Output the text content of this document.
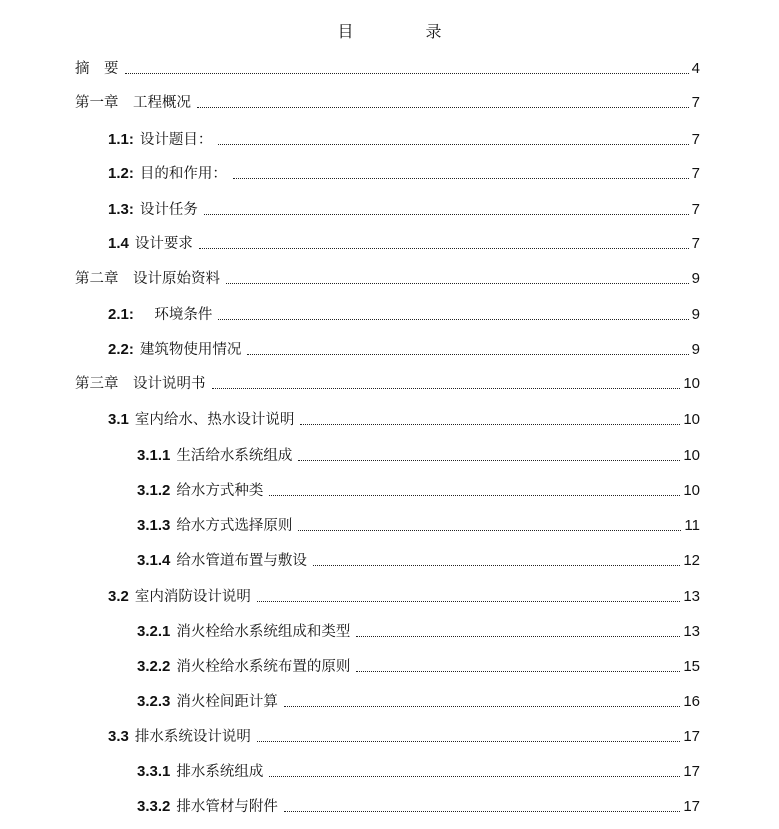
目　录
摘　要	4
第一章　工程概况	7
1.1: 设计题目：	7
1.2: 目的和作用：	7
1.3: 设计任务	7
1.4 设计要求	7
第二章　设计原始资料	9
2.1: 　环境条件	9
2.2: 建筑物使用情况	9
第三章　设计说明书	10
3.1 室内给水、热水设计说明	10
3.1.1 生活给水系统组成	10
3.1.2 给水方式种类	10
3.1.3 给水方式选择原则	11
3.1.4 给水管道布置与敷设	12
3.2 室内消防设计说明	13
3.2.1 消火栓给水系统组成和类型	13
3.2.2 消火栓给水系统布置的原则	15
3.2.3 消火栓间距计算	16
3.3 排水系统设计说明	17
3.3.1 排水系统组成	17
3.3.2 排水管材与附件	17
